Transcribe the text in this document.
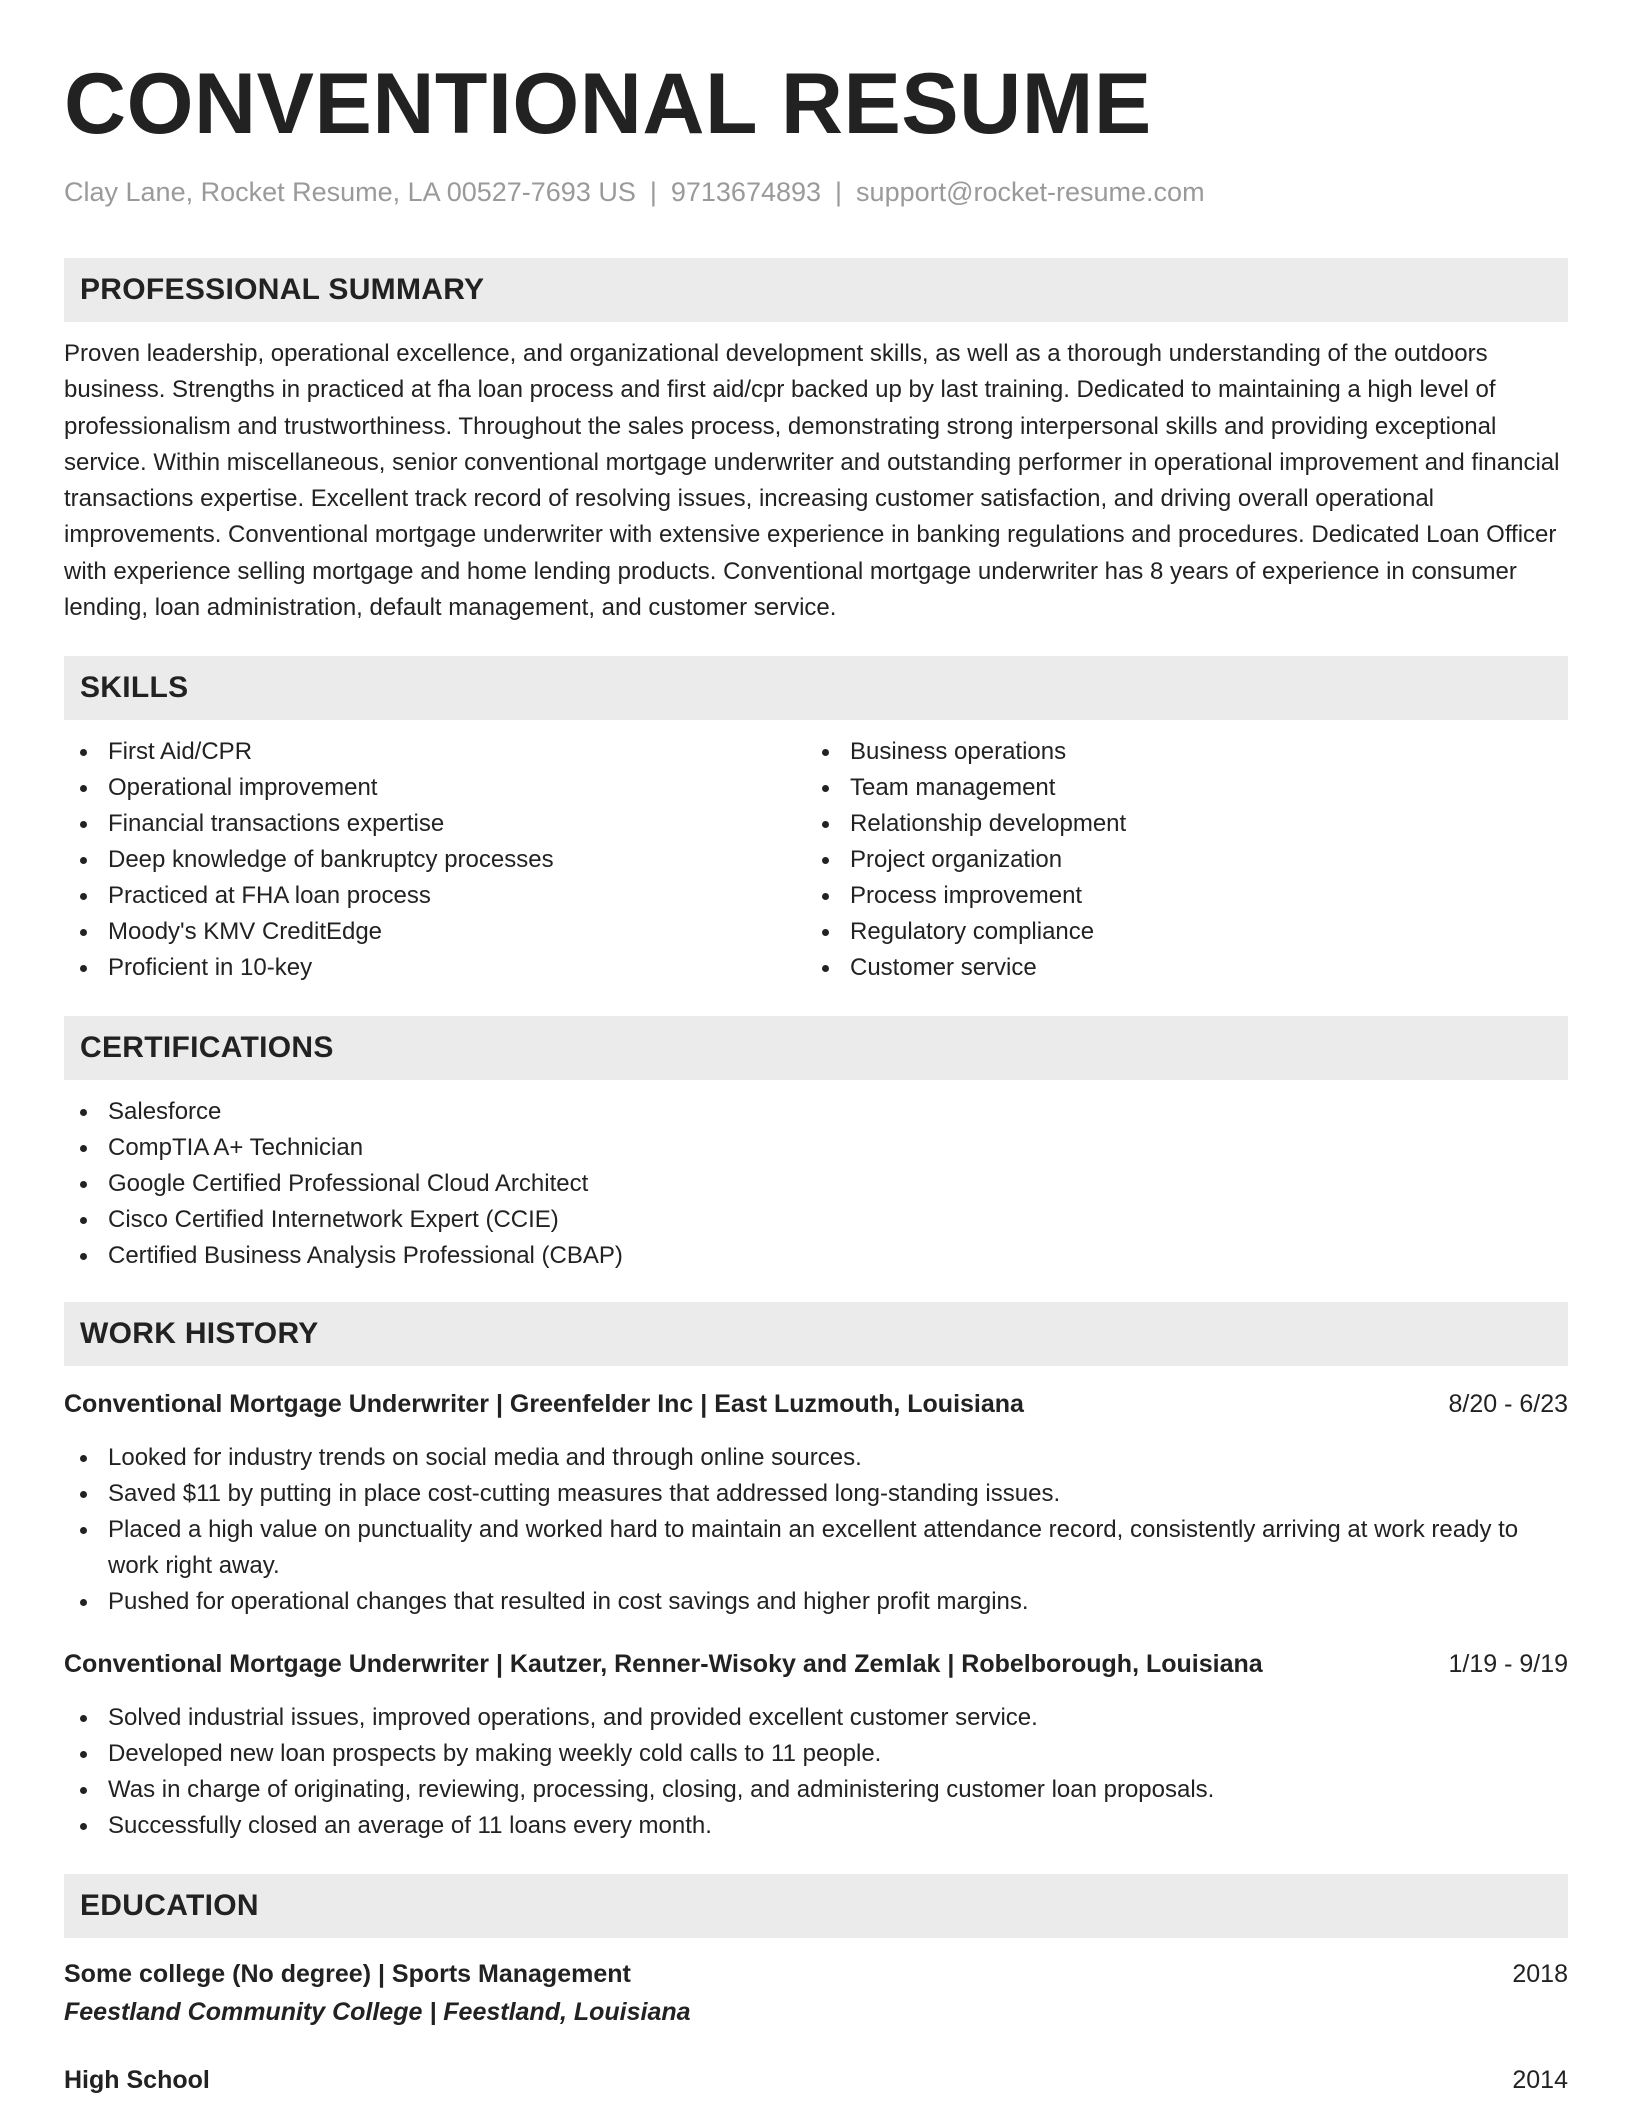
CONVENTIONAL RESUME
Clay Lane, Rocket Resume, LA 00527-7693 US | 9713674893 | support@rocket-resume.com
PROFESSIONAL SUMMARY

Proven leadership, operational excellence, and organizational development skills, as well as a thorough understanding of the outdoors business. Strengths in practiced at fha loan process and first aid/cpr backed up by last training. Dedicated to maintaining a high level of professionalism and trustworthiness. Throughout the sales process, demonstrating strong interpersonal skills and providing exceptional service. Within miscellaneous, senior conventional mortgage underwriter and outstanding performer in operational improvement and financial transactions expertise. Excellent track record of resolving issues, increasing customer satisfaction, and driving overall operational improvements. Conventional mortgage underwriter with extensive experience in banking regulations and procedures. Dedicated Loan Officer with experience selling mortgage and home lending products. Conventional mortgage underwriter has 8 years of experience in consumer lending, loan administration, default management, and customer service.

SKILLS
First Aid/CPR
Operational improvement
Financial transactions expertise
Deep knowledge of bankruptcy processes
Practiced at FHA loan process
Moody's KMV CreditEdge
Proficient in 10-key
Business operations
Team management
Relationship development
Project organization
Process improvement
Regulatory compliance
Customer service
CERTIFICATIONS
Salesforce
CompTIA A+ Technician
Google Certified Professional Cloud Architect
Cisco Certified Internetwork Expert (CCIE)
Certified Business Analysis Professional (CBAP)
WORK HISTORY
Conventional Mortgage Underwriter | Greenfelder Inc | East Luzmouth, Louisiana	8/20 - 6/23
Looked for industry trends on social media and through online sources.
Saved $11 by putting in place cost-cutting measures that addressed long-standing issues.
Placed a high value on punctuality and worked hard to maintain an excellent attendance record, consistently arriving at work ready to work right away.
Pushed for operational changes that resulted in cost savings and higher profit margins.
Conventional Mortgage Underwriter | Kautzer, Renner-Wisoky and Zemlak | Robelborough, Louisiana	1/19 - 9/19
Solved industrial issues, improved operations, and provided excellent customer service.
Developed new loan prospects by making weekly cold calls to 11 people.
Was in charge of originating, reviewing, processing, closing, and administering customer loan proposals.
Successfully closed an average of 11 loans every month.
EDUCATION
Some college (No degree) | Sports Management	2018
Feestland Community College | Feestland, Louisiana
High School	2014
